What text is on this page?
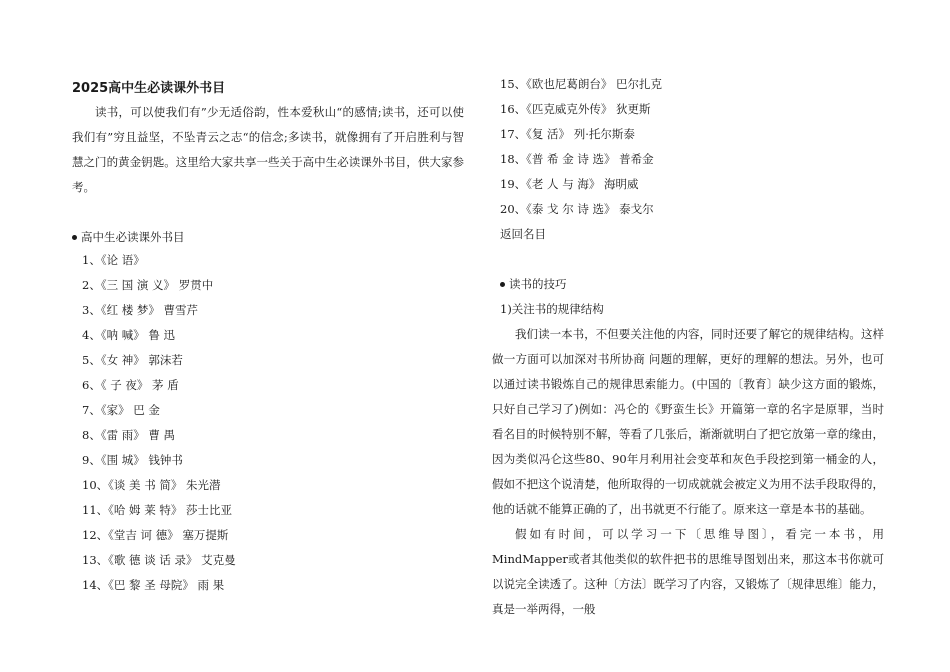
2025高中生必读课外书目

读书，可以使我们有”少无适俗韵，性本爱秋山“的感情;读书，还可以使我们有”穷且益坚，不坠青云之志“的信念;多读书，就像拥有了开启胜利与智慧之门的黄金钥匙。这里给大家共享一些关于高中生必读课外书目，供大家参考。

高中生必读课外书目
1、《论 语》
2、《三 国 演 义》 罗贯中
3、《红 楼 梦》 曹雪芹
4、《呐 喊》 鲁 迅
5、《女 神》 郭沫若
6、《 子 夜》 茅 盾
7、《家》 巴 金
8、《雷 雨》 曹 禺
9、《围 城》 钱钟书
10、《谈 美 书 简》 朱光潜
11、《哈 姆 莱 特》 莎士比亚
12、《堂吉 诃 德》 塞万提斯
13、《歌 德 谈 话 录》 艾克曼
14、《巴 黎 圣 母院》 雨 果
15、《欧也尼葛朗台》 巴尔扎克
16、《匹克威克外传》 狄更斯
17、《复 活》 列·托尔斯泰
18、《普 希 金 诗 选》 普希金
19、《老 人 与 海》 海明威
20、《泰 戈 尔 诗 选》 泰戈尔
返回名目
读书的技巧
1)关注书的规律结构

我们读一本书，不但要关注他的内容，同时还要了解它的规律结构。这样做一方面可以加深对书所协商 问题的理解，更好的理解的想法。另外，也可以通过读书锻炼自己的规律思索能力。(中国的〔教育〕缺少这方面的锻炼，只好自己学习了)例如：冯仑的《野蛮生长》开篇第一章的名字是原罪，当时看名目的时候特别不解，等看了几张后，渐渐就明白了把它放第一章的缘由，因为类似冯仑这些80、90年月利用社会变革和灰色手段挖到第一桶金的人，假如不把这个说清楚，他所取得的一切成就就会被定义为用不法手段取得的，他的话就不能算正确的了，出书就更不行能了。原来这一章是本书的基础。

假如有时间，可以学习一下〔思维导图〕，看完一本书，用MindMapper或者其他类似的软件把书的思维导图划出来，那这本书你就可以说完全读透了。这种〔方法〕既学习了内容，又锻炼了〔规律思维〕能力，真是一举两得，一般
